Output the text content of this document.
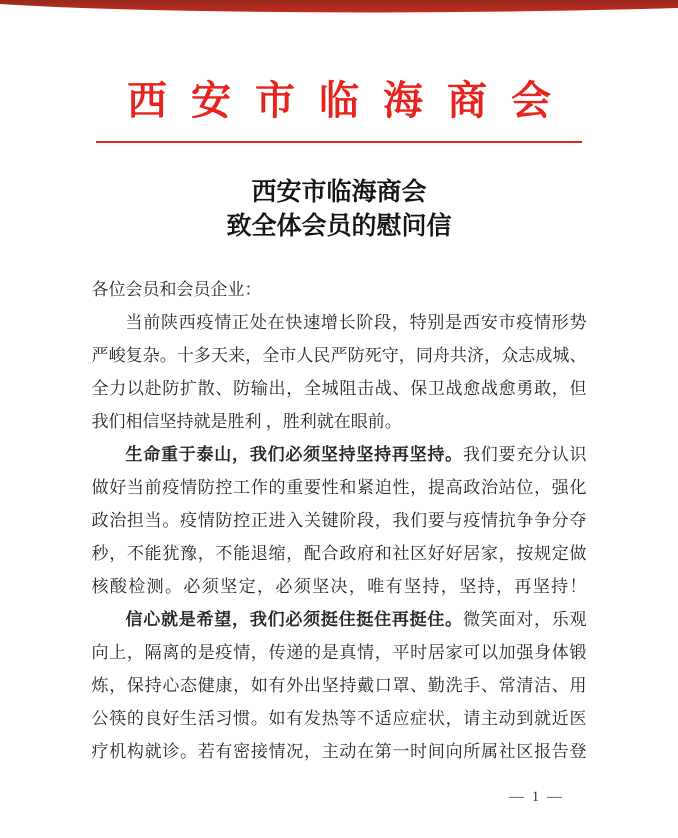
西安市临海商会
西安市临海商会
致全体会员的慰问信
各位会员和会员企业：
当前陕西疫情正处在快速增长阶段，特别是西安市疫情形势
严峻复杂。十多天来，全市人民严防死守，同舟共济，众志成城、
全力以赴防扩散、防输出，全城阻击战、保卫战愈战愈勇敢，但
我们相信坚持就是胜利 ，胜利就在眼前。
生命重于泰山，我们必须坚持坚持再坚持。我们要充分认识
做好当前疫情防控工作的重要性和紧迫性，提高政治站位，强化
政治担当。疫情防控正进入关键阶段，我们要与疫情抗争争分夺
秒，不能犹豫，不能退缩，配合政府和社区好好居家，按规定做
核酸检测。必须坚定，必须坚决，唯有坚持，坚持，再坚持！
信心就是希望，我们必须挺住挺住再挺住。微笑面对，乐观
向上，隔离的是疫情，传递的是真情，平时居家可以加强身体锻
炼，保持心态健康，如有外出坚持戴口罩、勤洗手、常清洁、用
公筷的良好生活习惯。如有发热等不适应症状，请主动到就近医
疗机构就诊。若有密接情况，主动在第一时间向所属社区报告登
— 1 —
